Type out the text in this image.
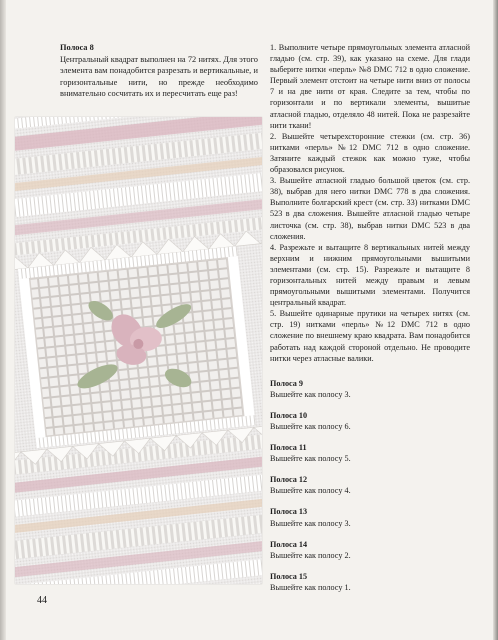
Полоса 8

Центральный квадрат выполнен на 72 нитях. Для этого элемента вам понадобится разрезать и вертикальные, и горизонтальные нити, но прежде необходимо внимательно сосчитать их и пересчитать еще раз!

1. Выполните четыре прямоугольных элемента атласной гладью (см. стр. 39), как указано на схеме. Для глади выберите нитки «перль» №8 DMC 712 в одно сложение. Первый элемент отстоит на четыре нити вниз от полосы 7 и на две нити от края. Следите за тем, чтобы по горизонтали и по вертикали элементы, вышитые атласной гладью, отделяло 48 нитей. Пока не разрезайте нити ткани!

2. Вышейте четырехсторонние стежки (см. стр. 36) нитками «перль» №12 DMC 712 в одно сложение. Затяните каждый стежок как можно туже, чтобы образовался рисунок.

3. Вышейте атласной гладью большой цветок (см. стр. 38), выбрав для него нитки DMC 778 в два сложения. Выполните болгарский крест (см. стр. 33) нитками DMC 523 в два сложения. Вышейте атласной гладью четыре листочка (см. стр. 38), выбрав нитки DMC 523 в два сложения.

4. Разрежьте и вытащите 8 вертикальных нитей между верхним и нижним прямоугольными вышитыми элементами (см. стр. 15). Разрежьте и вытащите 8 горизонтальных нитей между правым и левым прямоугольными вышитыми элементами. Получится центральный квадрат.

5. Вышейте одинарные прутики на четырех нитях (см. стр. 19) нитками «перль» №12 DMC 712 в одно сложение по внешнему краю квадрата. Вам понадобится работать над каждой стороной отдельно. Не проводите нитки через атласные валики.

Полоса 9
Вышейте как полосу 3.
Полоса 10
Вышейте как полосу 6.
Полоса 11
Вышейте как полосу 5.
Полоса 12
Вышейте как полосу 4.
Полоса 13
Вышейте как полосу 3.
Полоса 14
Вышейте как полосу 2.
Полоса 15
Вышейте как полосу 1.
44
